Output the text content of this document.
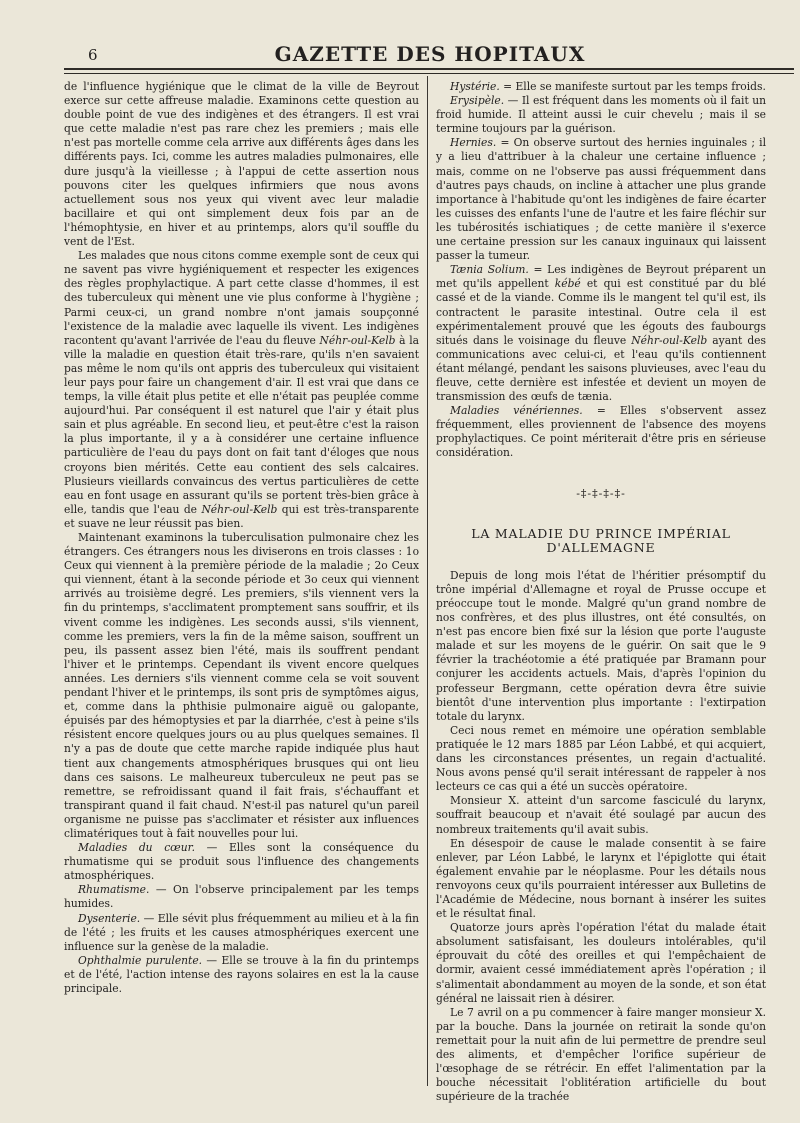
6	GAZETTE DES HOPITAUX

de l'influence hygiénique que le climat de la ville de Beyrout exerce sur cette affreuse maladie. Examinons cette question au double point de vue des indigènes et des étrangers. Il est vrai que cette maladie n'est pas rare chez les premiers ; mais elle n'est pas mortelle comme cela arrive aux différents âges dans les différents pays. Ici, comme les autres maladies pulmonaires, elle dure jusqu'à la vieillesse ; à l'appui de cette assertion nous pouvons citer les quelques infirmiers que nous avons actuellement sous nos yeux qui vivent avec leur maladie bacillaire et qui ont simplement deux fois par an de l'hémophtysie, en hiver et au printemps, alors qu'il souffle du vent de l'Est.

Les malades que nous citons comme exemple sont de ceux qui ne savent pas vivre hygiéniquement et respecter les exigences des règles prophylactique. A part cette classe d'hommes, il est des tuberculeux qui mènent une vie plus conforme à l'hygiène ; Parmi ceux-ci, un grand nombre n'ont jamais soupçonné l'existence de la maladie avec laquelle ils vivent. Les indigènes racontent qu'avant l'arrivée de l'eau du fleuve Néhr-oul-Kelb à la ville la maladie en question était très-rare, qu'ils n'en savaient pas même le nom qu'ils ont appris des tuberculeux qui visitaient leur pays pour faire un changement d'air. Il est vrai que dans ce temps, la ville était plus petite et elle n'était pas peuplée comme aujourd'hui. Par conséquent il est naturel que l'air y était plus sain et plus agréable. En second lieu, et peut-être c'est la raison la plus importante, il y a à considérer une certaine influence particulière de l'eau du pays dont on fait tant d'éloges que nous croyons bien mérités. Cette eau contient des sels calcaires. Plusieurs vieillards convaincus des vertus particulières de cette eau en font usage en assurant qu'ils se portent très-bien grâce à elle, tandis que l'eau de Néhr-oul-Kelb qui est très-transparente et suave ne leur réussit pas bien.

Maintenant examinons la tuberculisation pulmonaire chez les étrangers. Ces étrangers nous les diviserons en trois classes : 1o Ceux qui viennent à la première période de la maladie ; 2o Ceux qui viennent, étant à la seconde période et 3o ceux qui viennent arrivés au troisième degré. Les premiers, s'ils viennent vers la fin du printemps, s'acclimatent promptement sans souffrir, et ils vivent comme les indigènes. Les seconds aussi, s'ils viennent, comme les premiers, vers la fin de la même saison, souffrent un peu, ils passent assez bien l'été, mais ils souffrent pendant l'hiver et le printemps. Cependant ils vivent encore quelques années. Les derniers s'ils viennent comme cela se voit souvent pendant l'hiver et le printemps, ils sont pris de symptômes aigus, et, comme dans la phthisie pulmonaire aiguë ou galopante, épuisés par des hémoptysies et par la diarrhée, c'est à peine s'ils résistent encore quelques jours ou au plus quelques semaines. Il n'y a pas de doute que cette marche rapide indiquée plus haut tient aux changements atmosphériques brusques qui ont lieu dans ces saisons. Le malheureux tuberculeux ne peut pas se remettre, se refroidissant quand il fait frais, s'échauffant et transpirant quand il fait chaud. N'est-il pas naturel qu'un pareil organisme ne puisse pas s'acclimater et résister aux influences climatériques tout à fait nouvelles pour lui.

Maladies du cœur. — Elles sont la conséquence du rhumatisme qui se produit sous l'influence des changements atmosphériques.

Rhumatisme. — On l'observe principalement par les temps humides.

Dysenterie. — Elle sévit plus fréquemment au milieu et à la fin de l'été ; les fruits et les causes atmosphériques exercent une influence sur la genèse de la maladie.

Ophthalmie purulente. — Elle se trouve à la fin du printemps et de l'été, l'action intense des rayons solaires en est la la cause principale.

Hystérie. = Elle se manifeste surtout par les temps froids.

Erysipèle. — Il est fréquent dans les moments où il fait un froid humide. Il atteint aussi le cuir chevelu ; mais il se termine toujours par la guérison.

Hernies. = On observe surtout des hernies inguinales ; il y a lieu d'attribuer à la chaleur une certaine influence ; mais, comme on ne l'observe pas aussi fréquemment dans d'autres pays chauds, on incline à attacher une plus grande importance à l'habitude qu'ont les indigènes de faire écarter les cuisses des enfants l'une de l'autre et les faire fléchir sur les tubérosités ischiatiques ; de cette manière il s'exerce une certaine pression sur les canaux inguinaux qui laissent passer la tumeur.

Tænia Solium. = Les indigènes de Beyrout préparent un met qu'ils appellent kébé et qui est constitué par du blé cassé et de la viande. Comme ils le mangent tel qu'il est, ils contractent le parasite intestinal. Outre cela il est expérimentalement prouvé que les égouts des faubourgs situés dans le voisinage du fleuve Néhr-oul-Kelb ayant des communications avec celui-ci, et l'eau qu'ils contiennent étant mélangé, pendant les saisons pluvieuses, avec l'eau du fleuve, cette dernière est infestée et devient un moyen de transmission des œufs de tænia.

Maladies vénériennes. = Elles s'observent assez fréquemment, elles proviennent de l'absence des moyens prophylactiques. Ce point mériterait d'être pris en sérieuse considération.

-‡-‡-‡-‡-
LA MALADIE DU PRINCE IMPÉRIAL D'ALLEMAGNE

Depuis de long mois l'état de l'héritier présomptif du trône impérial d'Allemagne et royal de Prusse occupe et préoccupe tout le monde. Malgré qu'un grand nombre de nos confrères, et des plus illustres, ont été consultés, on n'est pas encore bien fixé sur la lésion que porte l'auguste malade et sur les moyens de le guérir. On sait que le 9 février la trachéotomie a été pratiquée par Bramann pour conjurer les accidents actuels. Mais, d'après l'opinion du professeur Bergmann, cette opération devra être suivie bientôt d'une intervention plus importante : l'extirpation totale du larynx.

Ceci nous remet en mémoire une opération semblable pratiquée le 12 mars 1885 par Léon Labbé, et qui acquiert, dans les circonstances présentes, un regain d'actualité. Nous avons pensé qu'il serait intéressant de rappeler à nos lecteurs ce cas qui a été un succès opératoire.

Monsieur X. atteint d'un sarcome fasciculé du larynx, souffrait beaucoup et n'avait été soulagé par aucun des nombreux traitements qu'il avait subis.

En désespoir de cause le malade consentit à se faire enlever, par Léon Labbé, le larynx et l'épiglotte qui était également envahie par le néoplasme. Pour les détails nous renvoyons ceux qu'ils pourraient intéresser aux Bulletins de l'Académie de Médecine, nous bornant à insérer les suites et le résultat final.

Quatorze jours après l'opération l'état du malade était absolument satisfaisant, les douleurs intolérables, qu'il éprouvait du côté des oreilles et qui l'empêchaient de dormir, avaient cessé immédiatement après l'opération ; il s'alimentait abondamment au moyen de la sonde, et son état général ne laissait rien à désirer.

Le 7 avril on a pu commencer à faire manger monsieur X. par la bouche. Dans la journée on retirait la sonde qu'on remettait pour la nuit afin de lui permettre de prendre seul des aliments, et d'empêcher l'orifice supérieur de l'œsophage de se rétrécir. En effet l'alimentation par la bouche nécessitait l'oblitération artificielle du bout supérieure de la trachée
